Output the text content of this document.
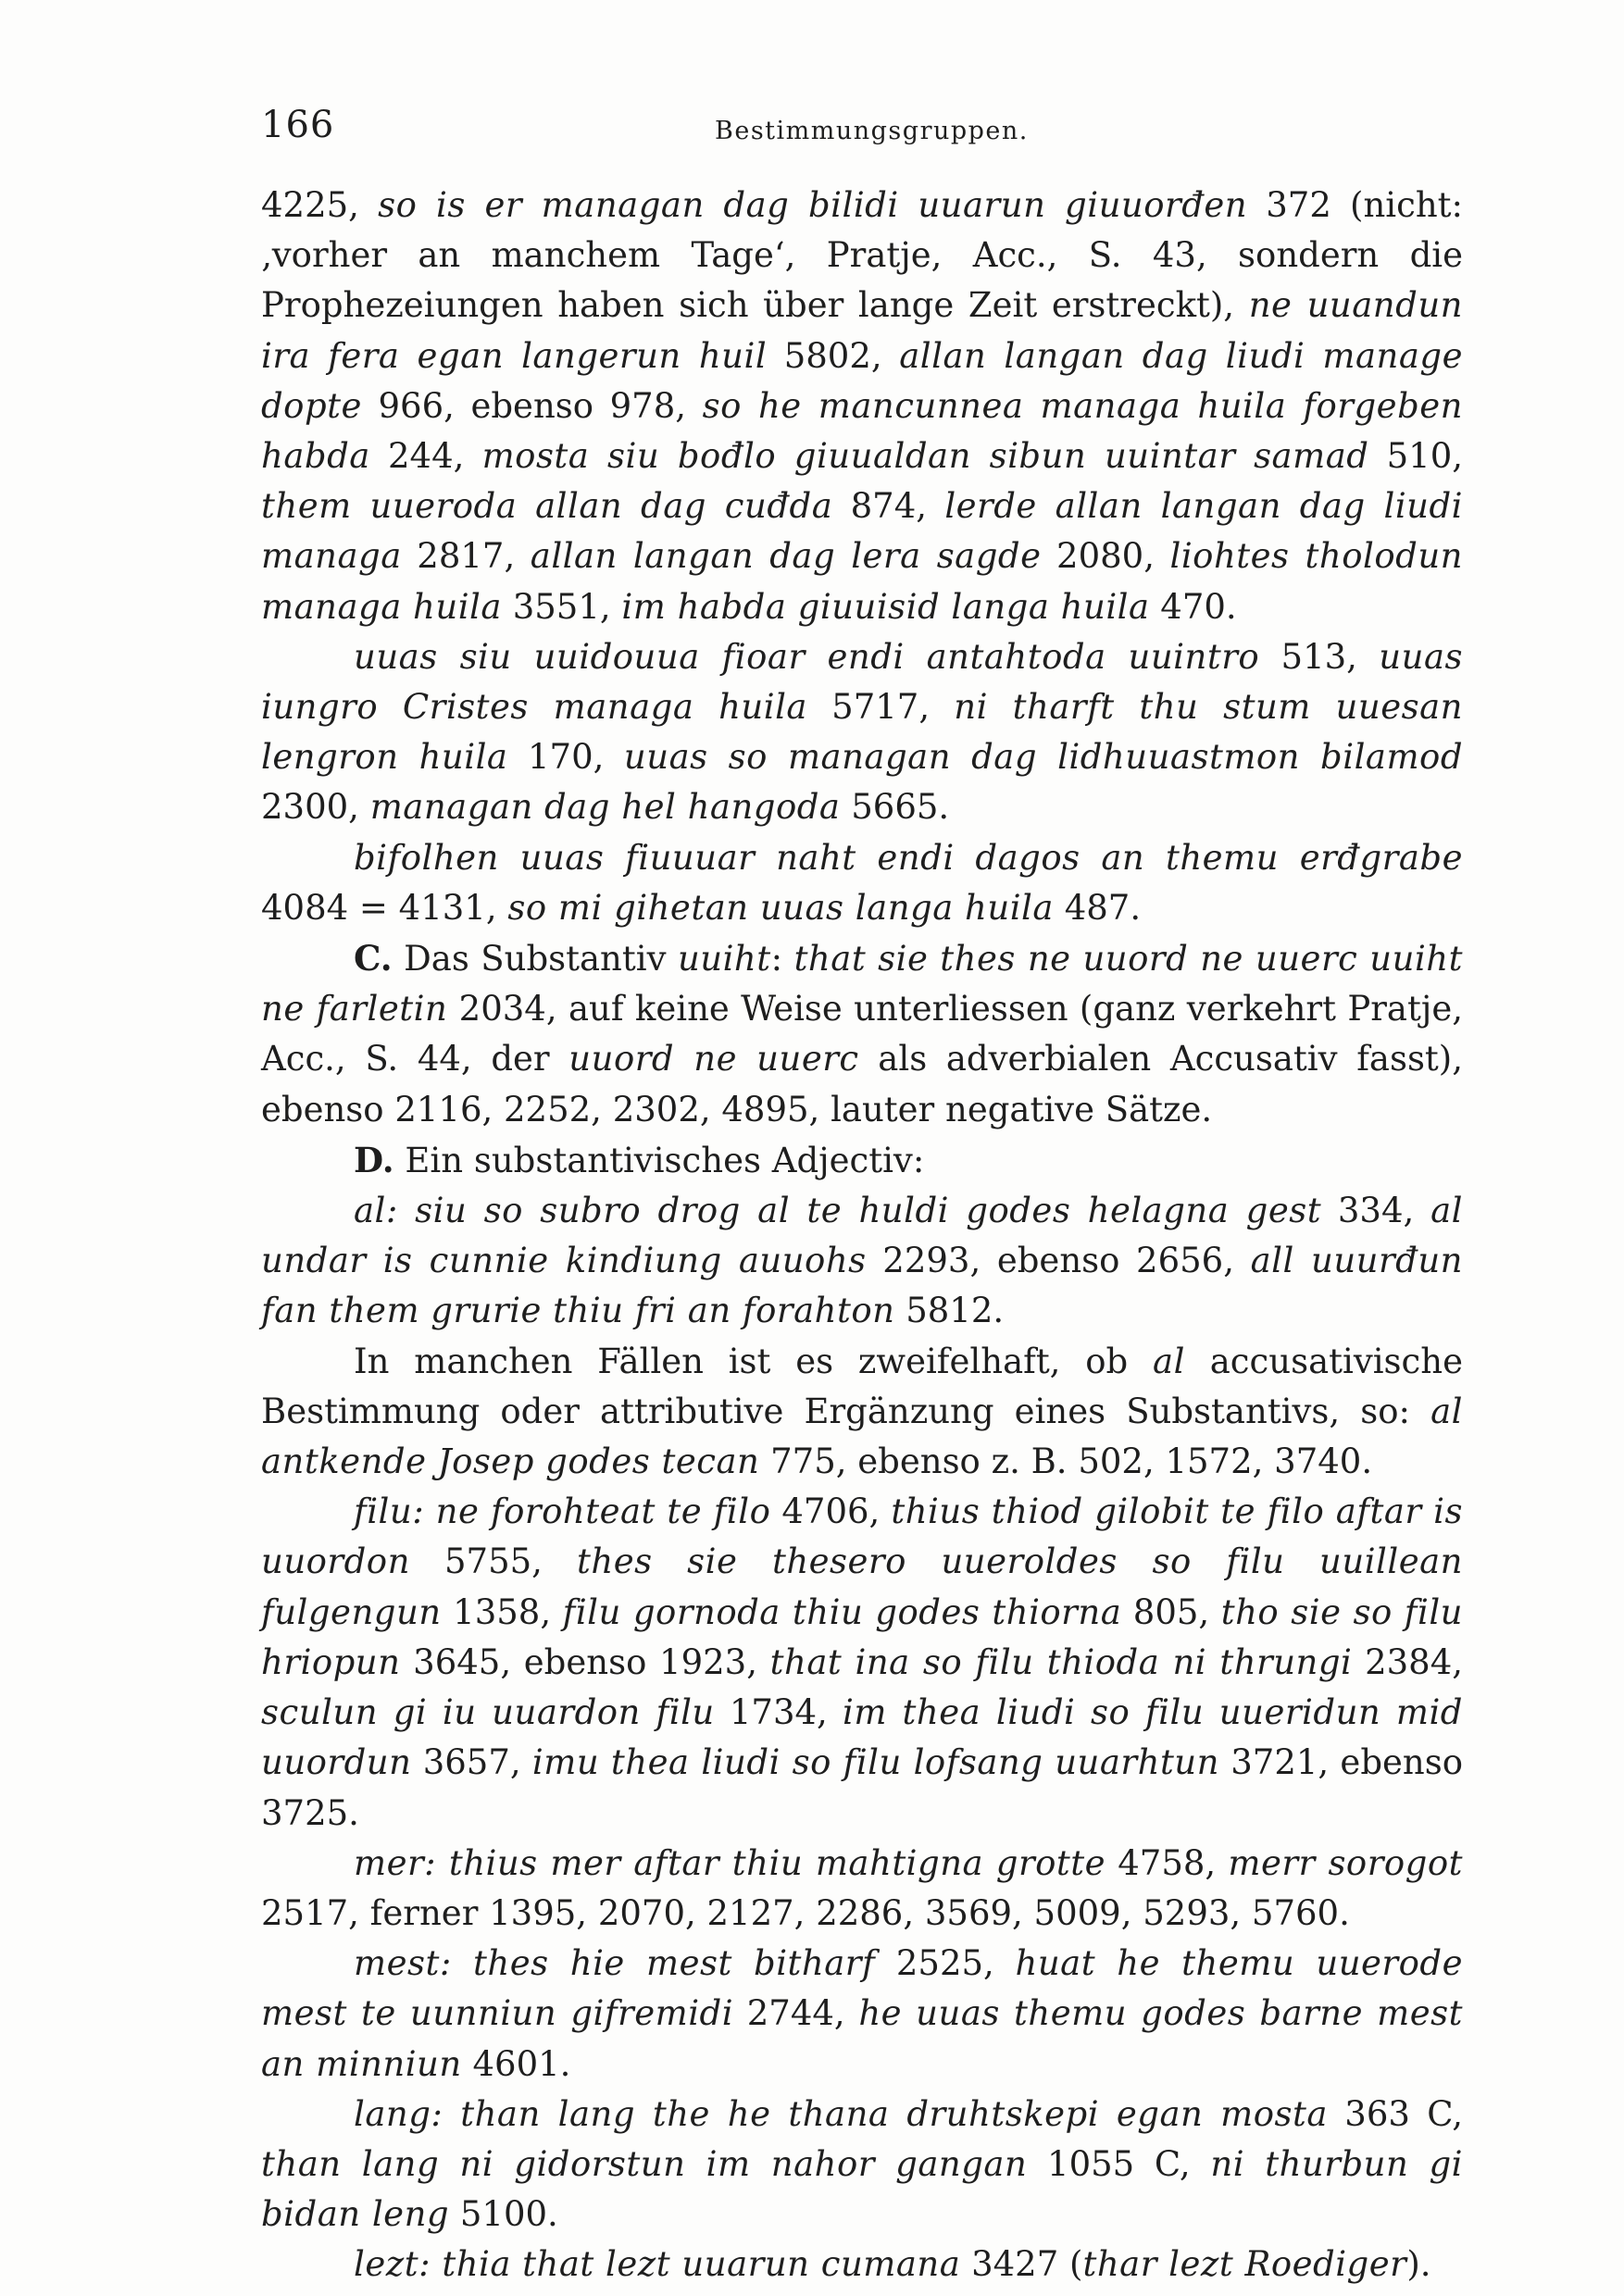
166	Bestimmungsgruppen.

4225, so is er managan dag bilidi uuarun giuuorđen 372 (nicht: ‚vorher an manchem Tage‘, Pratje, Acc., S. 43, sondern die Prophezeiungen haben sich über lange Zeit erstreckt), ne uuandun ira fera egan langerun huil 5802, allan langan dag liudi manage dopte 966, ebenso 978, so he mancunnea managa huila forgeben habda 244, mosta siu bođlo giuualdan sibun uuintar samad 510, them uueroda allan dag cuđda 874, lerde allan langan dag liudi managa 2817, allan langan dag lera sagde 2080, liohtes tholodun managa huila 3551, im habda giuuisid langa huila 470.

uuas siu uuidouua fioar endi antahtoda uuintro 513, uuas iungro Cristes managa huila 5717, ni tharft thu stum uuesan lengron huila 170, uuas so managan dag lidhuuastmon bilamod 2300, managan dag hel hangoda 5665.

bifolhen uuas fiuuuar naht endi dagos an themu erđgrabe 4084 = 4131, so mi gihetan uuas langa huila 487.

C. Das Substantiv uuiht: that sie thes ne uuord ne uuerc uuiht ne farletin 2034, auf keine Weise unterliessen (ganz verkehrt Pratje, Acc., S. 44, der uuord ne uuerc als adverbialen Accusativ fasst), ebenso 2116, 2252, 2302, 4895, lauter negative Sätze.

D. Ein substantivisches Adjectiv:

al: siu so subro drog al te huldi godes helagna gest 334, al undar is cunnie kindiung auuohs 2293, ebenso 2656, all uuurđun fan them grurie thiu fri an forahton 5812.

In manchen Fällen ist es zweifelhaft, ob al accusativische Bestimmung oder attributive Ergänzung eines Substantivs, so: al antkende Josep godes tecan 775, ebenso z. B. 502, 1572, 3740.

filu: ne forohteat te filo 4706, thius thiod gilobit te filo aftar is uuordon 5755, thes sie thesero uueroldes so filu uuillean fulgengun 1358, filu gornoda thiu godes thiorna 805, tho sie so filu hriopun 3645, ebenso 1923, that ina so filu thioda ni thrungi 2384, sculun gi iu uuardon filu 1734, im thea liudi so filu uueridun mid uuordun 3657, imu thea liudi so filu lofsang uuarhtun 3721, ebenso 3725.

mer: thius mer aftar thiu mahtigna grotte 4758, merr sorogot 2517, ferner 1395, 2070, 2127, 2286, 3569, 5009, 5293, 5760.

mest: thes hie mest bitharf 2525, huat he themu uuerode mest te uunniun gifremidi 2744, he uuas themu godes barne mest an minniun 4601.

lang: than lang the he thana druhtskepi egan mosta 363 C, than lang ni gidorstun im nahor gangan 1055 C, ni thurbun gi bidan leng 5100.

lezt: thia that lezt uuarun cumana 3427 (thar lezt Roediger).
